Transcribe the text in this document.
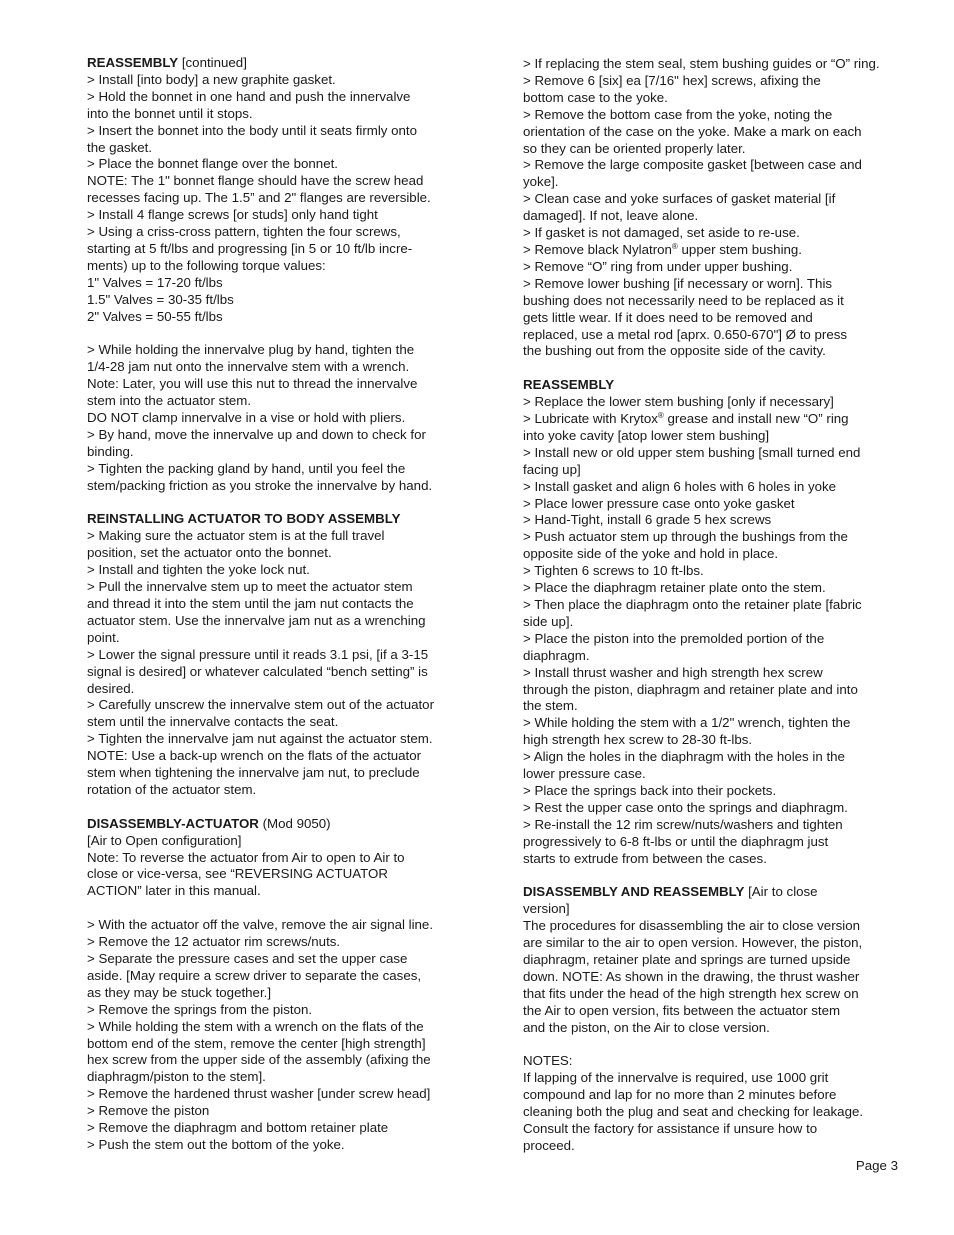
REASSEMBLY [continued]
> Install [into body] a new graphite gasket.
> Hold the bonnet in one hand and push the innervalve
into the bonnet until it stops.
> Insert the bonnet into the body until it seats firmly onto
the gasket.
> Place the bonnet flange over the bonnet.
NOTE: The 1" bonnet flange should have the screw head
recesses facing up. The 1.5” and 2" flanges are reversible.
> Install 4 flange screws [or studs] only hand tight
> Using a criss-cross pattern, tighten the four screws,
starting at 5 ft/lbs and progressing [in 5 or 10 ft/lb incre-
ments) up to the following torque values:
1" Valves = 17-20 ft/lbs
1.5" Valves = 30-35 ft/lbs
2" Valves = 50-55 ft/lbs
> While holding the innervalve plug by hand, tighten the
1/4-28 jam nut onto the innervalve stem with a wrench.
Note: Later, you will use this nut to thread the innervalve
stem into the actuator stem.
DO NOT clamp innervalve in a vise or hold with pliers.
> By hand, move the innervalve up and down to check for
binding.
> Tighten the packing gland by hand, until you feel the
stem/packing friction as you stroke the innervalve by hand.
REINSTALLING ACTUATOR TO BODY ASSEMBLY
> Making sure the actuator stem is at the full travel
position, set the actuator onto the bonnet.
> Install and tighten the yoke lock nut.
> Pull the innervalve stem up to meet the actuator stem
and thread it into the stem until the jam nut contacts the
actuator stem. Use the innervalve jam nut as a wrenching
point.
> Lower the signal pressure until it reads 3.1 psi, [if a 3-15
signal is desired] or whatever calculated “bench setting” is
desired.
> Carefully unscrew the innervalve stem out of the actuator
stem until the innervalve contacts the seat.
> Tighten the innervalve jam nut against the actuator stem.
NOTE: Use a back-up wrench on the flats of the actuator
stem when tightening the innervalve jam nut, to preclude
rotation of the actuator stem.
DISASSEMBLY-ACTUATOR (Mod 9050)
[Air to Open configuration]
Note: To reverse the actuator from Air to open to Air to
close or vice-versa, see “REVERSING ACTUATOR
ACTION” later in this manual.
> With the actuator off the valve, remove the air signal line.
> Remove the 12 actuator rim screws/nuts.
> Separate the pressure cases and set the upper case
aside. [May require a screw driver to separate the cases,
as they may be stuck together.]
> Remove the springs from the piston.
> While holding the stem with a wrench on the flats of the
bottom end of the stem, remove the center [high strength]
hex screw from the upper side of the assembly (afixing the
diaphragm/piston to the stem].
> Remove the hardened thrust washer [under screw head]
> Remove the piston
> Remove the diaphragm and bottom retainer plate
> Push the stem out the bottom of the yoke.
> If replacing the stem seal, stem bushing guides or “O” ring.
> Remove 6 [six] ea [7/16" hex] screws, afixing the
bottom case to the yoke.
> Remove the bottom case from the yoke, noting the
orientation of the case on the yoke. Make a mark on each
so they can be oriented properly later.
> Remove the large composite gasket [between case and
yoke].
> Clean case and yoke surfaces of gasket material [if
damaged]. If not, leave alone.
> If gasket is not damaged, set aside to re-use.
> Remove black Nylatron® upper stem bushing.
> Remove “O” ring from under upper bushing.
> Remove lower bushing [if necessary or worn]. This
bushing does not necessarily need to be replaced as it
gets little wear. If it does need to be removed and
replaced, use a metal rod [aprx. 0.650-670"] Ø to press
the bushing out from the opposite side of the cavity.
REASSEMBLY
> Replace the lower stem bushing [only if necessary]
> Lubricate with Krytox® grease and install new “O” ring
into yoke cavity [atop lower stem bushing]
> Install new or old upper stem bushing [small turned end
facing up]
> Install gasket and align 6 holes with 6 holes in yoke
> Place lower pressure case onto yoke gasket
> Hand-Tight, install 6 grade 5 hex screws
> Push actuator stem up through the bushings from the
opposite side of the yoke and hold in place.
> Tighten 6 screws to 10 ft-lbs.
> Place the diaphragm retainer plate onto the stem.
> Then place the diaphragm onto the retainer plate [fabric
side up].
> Place the piston into the premolded portion of the
diaphragm.
> Install thrust washer and high strength hex screw
through the piston, diaphragm and retainer plate and into
the stem.
> While holding the stem with a 1/2" wrench, tighten the
high strength hex screw to 28-30 ft-lbs.
> Align the holes in the diaphragm with the holes in the
lower pressure case.
> Place the springs back into their pockets.
> Rest the upper case onto the springs and diaphragm.
> Re-install the 12 rim screw/nuts/washers and tighten
progressively to 6-8 ft-lbs or until the diaphragm just
starts to extrude from between the cases.
DISASSEMBLY AND REASSEMBLY [Air to close
version]
The procedures for disassembling the air to close version
are similar to the air to open version. However, the piston,
diaphragm, retainer plate and springs are turned upside
down. NOTE: As shown in the drawing, the thrust washer
that fits under the head of the high strength hex screw on
the Air to open version, fits between the actuator stem
and the piston, on the Air to close version.
NOTES:
If lapping of the innervalve is required, use 1000 grit
compound and lap for no more than 2 minutes before
cleaning both the plug and seat and checking for leakage.
Consult the factory for assistance if unsure how to
proceed.
Page 3
